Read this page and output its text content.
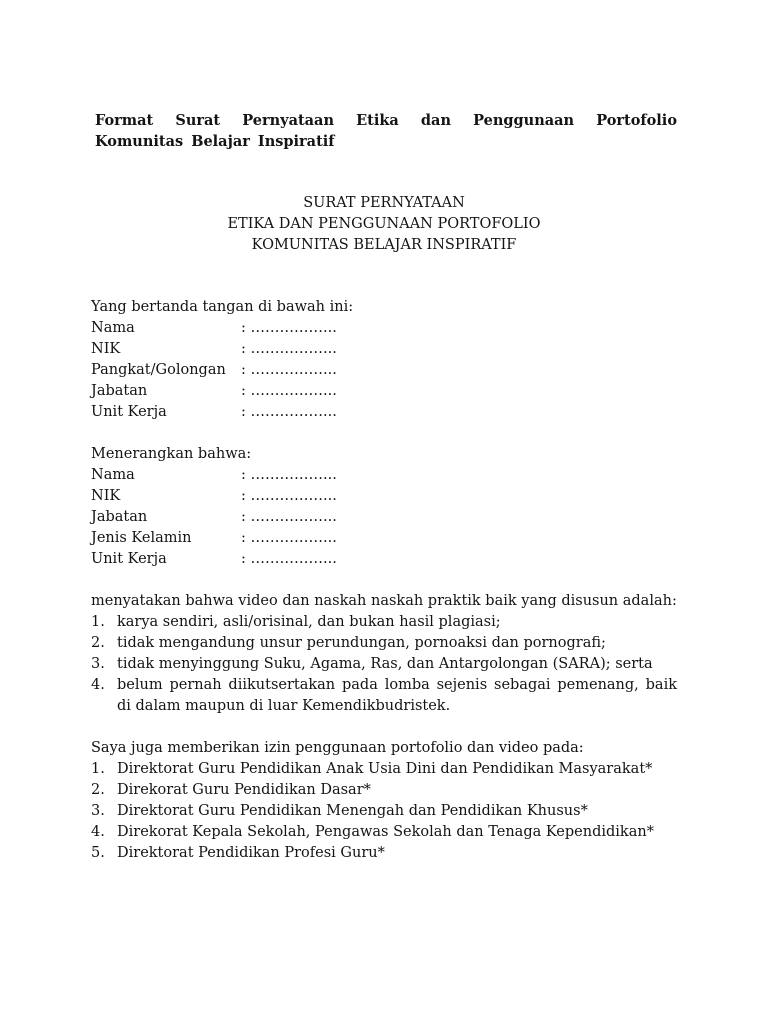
Format Surat Pernyataan Etika dan Penggunaan Portofolio Komunitas Belajar Inspiratif

SURAT PERNYATAAN
ETIKA DAN PENGGUNAAN PORTOFOLIO
KOMUNITAS BELAJAR INSPIRATIF
Yang bertanda tangan di bawah ini:
Nama	: ……………...
NIK	: ……………...
Pangkat/Golongan	: ……………...
Jabatan	: ……………...
Unit Kerja	: ……………...
Menerangkan bahwa:
Nama	: ……………...
NIK	: ……………...
Jabatan	: ……………...
Jenis Kelamin	: ……………...
Unit Kerja	: ……………...
menyatakan bahwa video dan naskah naskah praktik baik yang disusun adalah:
1. karya sendiri, asli/orisinal, dan bukan hasil plagiasi;
2. tidak mengandung unsur perundungan, pornoaksi dan pornografi;
3. tidak menyinggung Suku, Agama, Ras, dan Antargolongan (SARA); serta
4. belum pernah diikutsertakan pada lomba sejenis sebagai pemenang, baik di dalam maupun di luar Kemendikbudristek.
Saya juga memberikan izin penggunaan portofolio dan video pada:
1. Direktorat Guru Pendidikan Anak Usia Dini dan Pendidikan Masyarakat*
2. Direkorat Guru Pendidikan Dasar*
3. Direktorat Guru Pendidikan Menengah dan Pendidikan Khusus*
4. Direkorat Kepala Sekolah, Pengawas Sekolah dan Tenaga Kependidikan*
5. Direktorat Pendidikan Profesi Guru*
